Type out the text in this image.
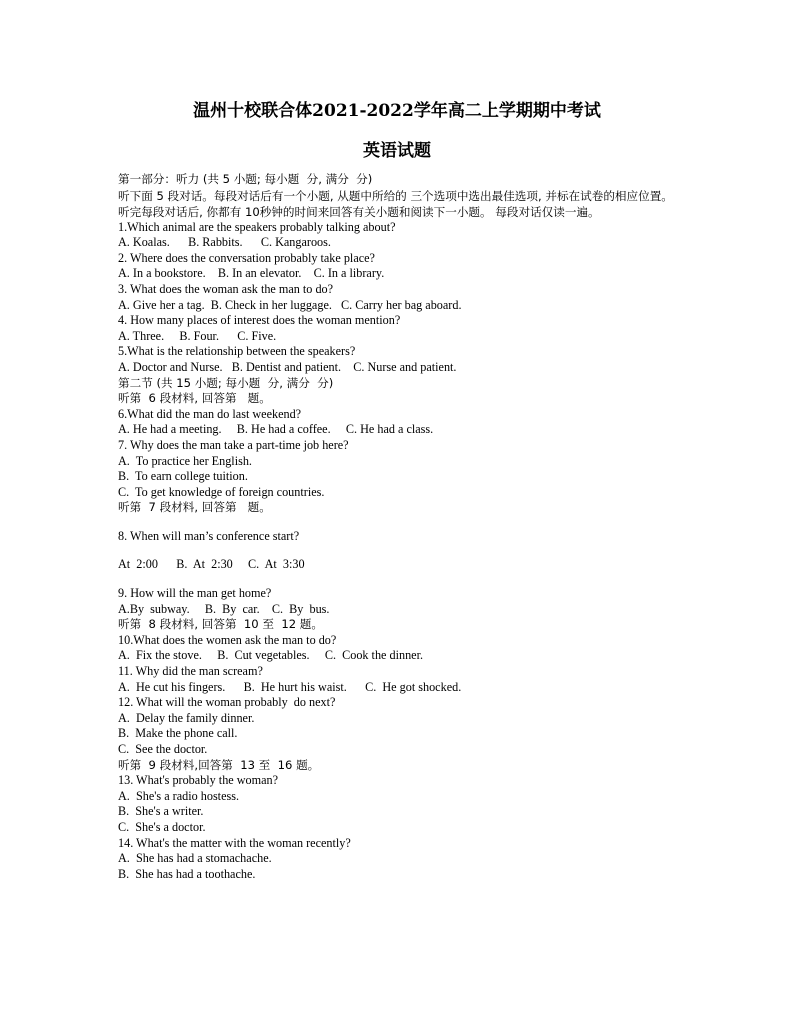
温州十校联合体2021-2022学年高二上学期期中考试
英语试题
第一部分：听力 (共 5 小题; 每小题  分, 满分  分)
听下面 5 段对话。每段对话后有一个小题, 从题中所给的 三个选项中选出最佳选项, 并标在试卷的相应位置。听完每段对话后, 你都有 10秒钟的时间来回答有关小题和阅读下一小题。 每段对话仅读一遍。
1.Which animal are the speakers probably talking about?
A. Koalas.      B. Rabbits.      C. Kangaroos.
2. Where does the conversation probably take place?
A. In a bookstore.    B. In an elevator.    C. In a library.
3. What does the woman ask the man to do?
A. Give her a tag.  B. Check in her luggage.   C. Carry her bag aboard.
4. How many places of interest does the woman mention?
A. Three.     B. Four.      C. Five.
5.What is the relationship between the speakers?
A. Doctor and Nurse.   B. Dentist and patient.    C. Nurse and patient.
第二节 (共 15 小题; 每小题  分, 满分  分)
听第  6 段材料, 回答第   题。
6.What did the man do last weekend?
A. He had a meeting.     B. He had a coffee.     C. He had a class.
7. Why does the man take a part-time job here?
A.  To practice her English.
B.  To earn college tuition.
C.  To get knowledge of foreign countries.
听第  7 段材料, 回答第   题。
8. When will man’s conference start?
At  2:00      B.  At  2:30     C.  At  3:30
9. How will the man get home?
A.By  subway.     B.  By  car.    C.  By  bus.
听第  8 段材料, 回答第  10 至  12 题。
10.What does the women ask the man to do?
A.  Fix the stove.     B.  Cut vegetables.     C.  Cook the dinner.
11. Why did the man scream?
A.  He cut his fingers.      B.  He hurt his waist.      C.  He got shocked.
12. What will the woman probably  do next?
A.  Delay the family dinner.
B.  Make the phone call.
C.  See the doctor.
听第  9 段材料,回答第  13 至  16 题。
13. What's probably the woman?
A.  She's a radio hostess.
B.  She's a writer.
C.  She's a doctor.
14. What's the matter with the woman recently?
A.  She has had a stomachache.
B.  She has had a toothache.
